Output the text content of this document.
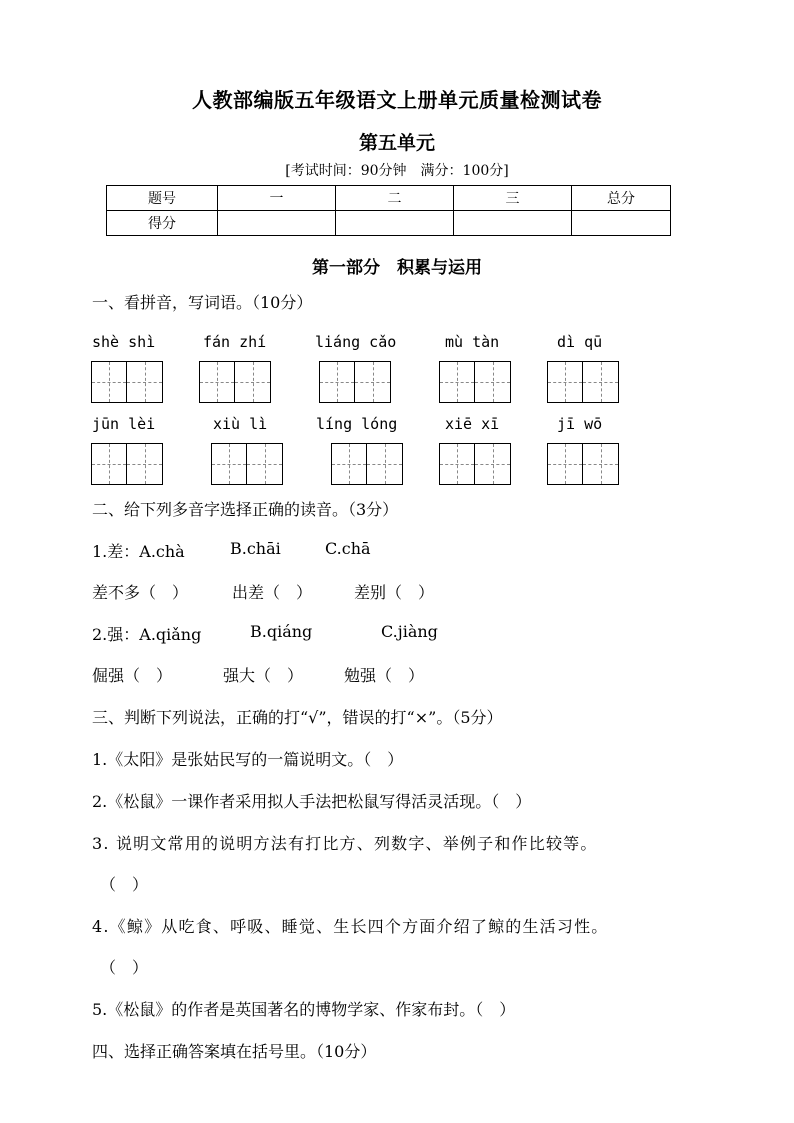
人教部编版五年级语文上册单元质量检测试卷
第五单元
[考试时间：90分钟　满分：100分]
题号	一	二	三	总分
得分				
第一部分　积累与运用
一、看拼音，写词语。（10分）
shè shì	fán zhí	liáng cǎo	mù tàn	dì qū
jūn lèi	xiù lì	líng lóng	xiē xī	jī wō
二、给下列多音字选择正确的读音。（3分）
1.差：A.chà	B.chāi	C.chā
差不多（　）	出差（　）	差别（　）
2.强：A.qiǎng	B.qiáng	C.jiàng
倔强（　）	强大（　）	勉强（　）
三、判断下列说法，正确的打“√”，错误的打“×”。（5分）
1.《太阳》是张姑民写的一篇说明文。（　）
2.《松鼠》一课作者采用拟人手法把松鼠写得活灵活现。（　）
3. 说明文常用的说明方法有打比方、列数字、举例子和作比较等。
（　）
4.《鲸》从吃食、呼吸、睡觉、生长四个方面介绍了鲸的生活习性。
（　）
5.《松鼠》的作者是英国著名的博物学家、作家布封。（　）
四、选择正确答案填在括号里。（10分）
